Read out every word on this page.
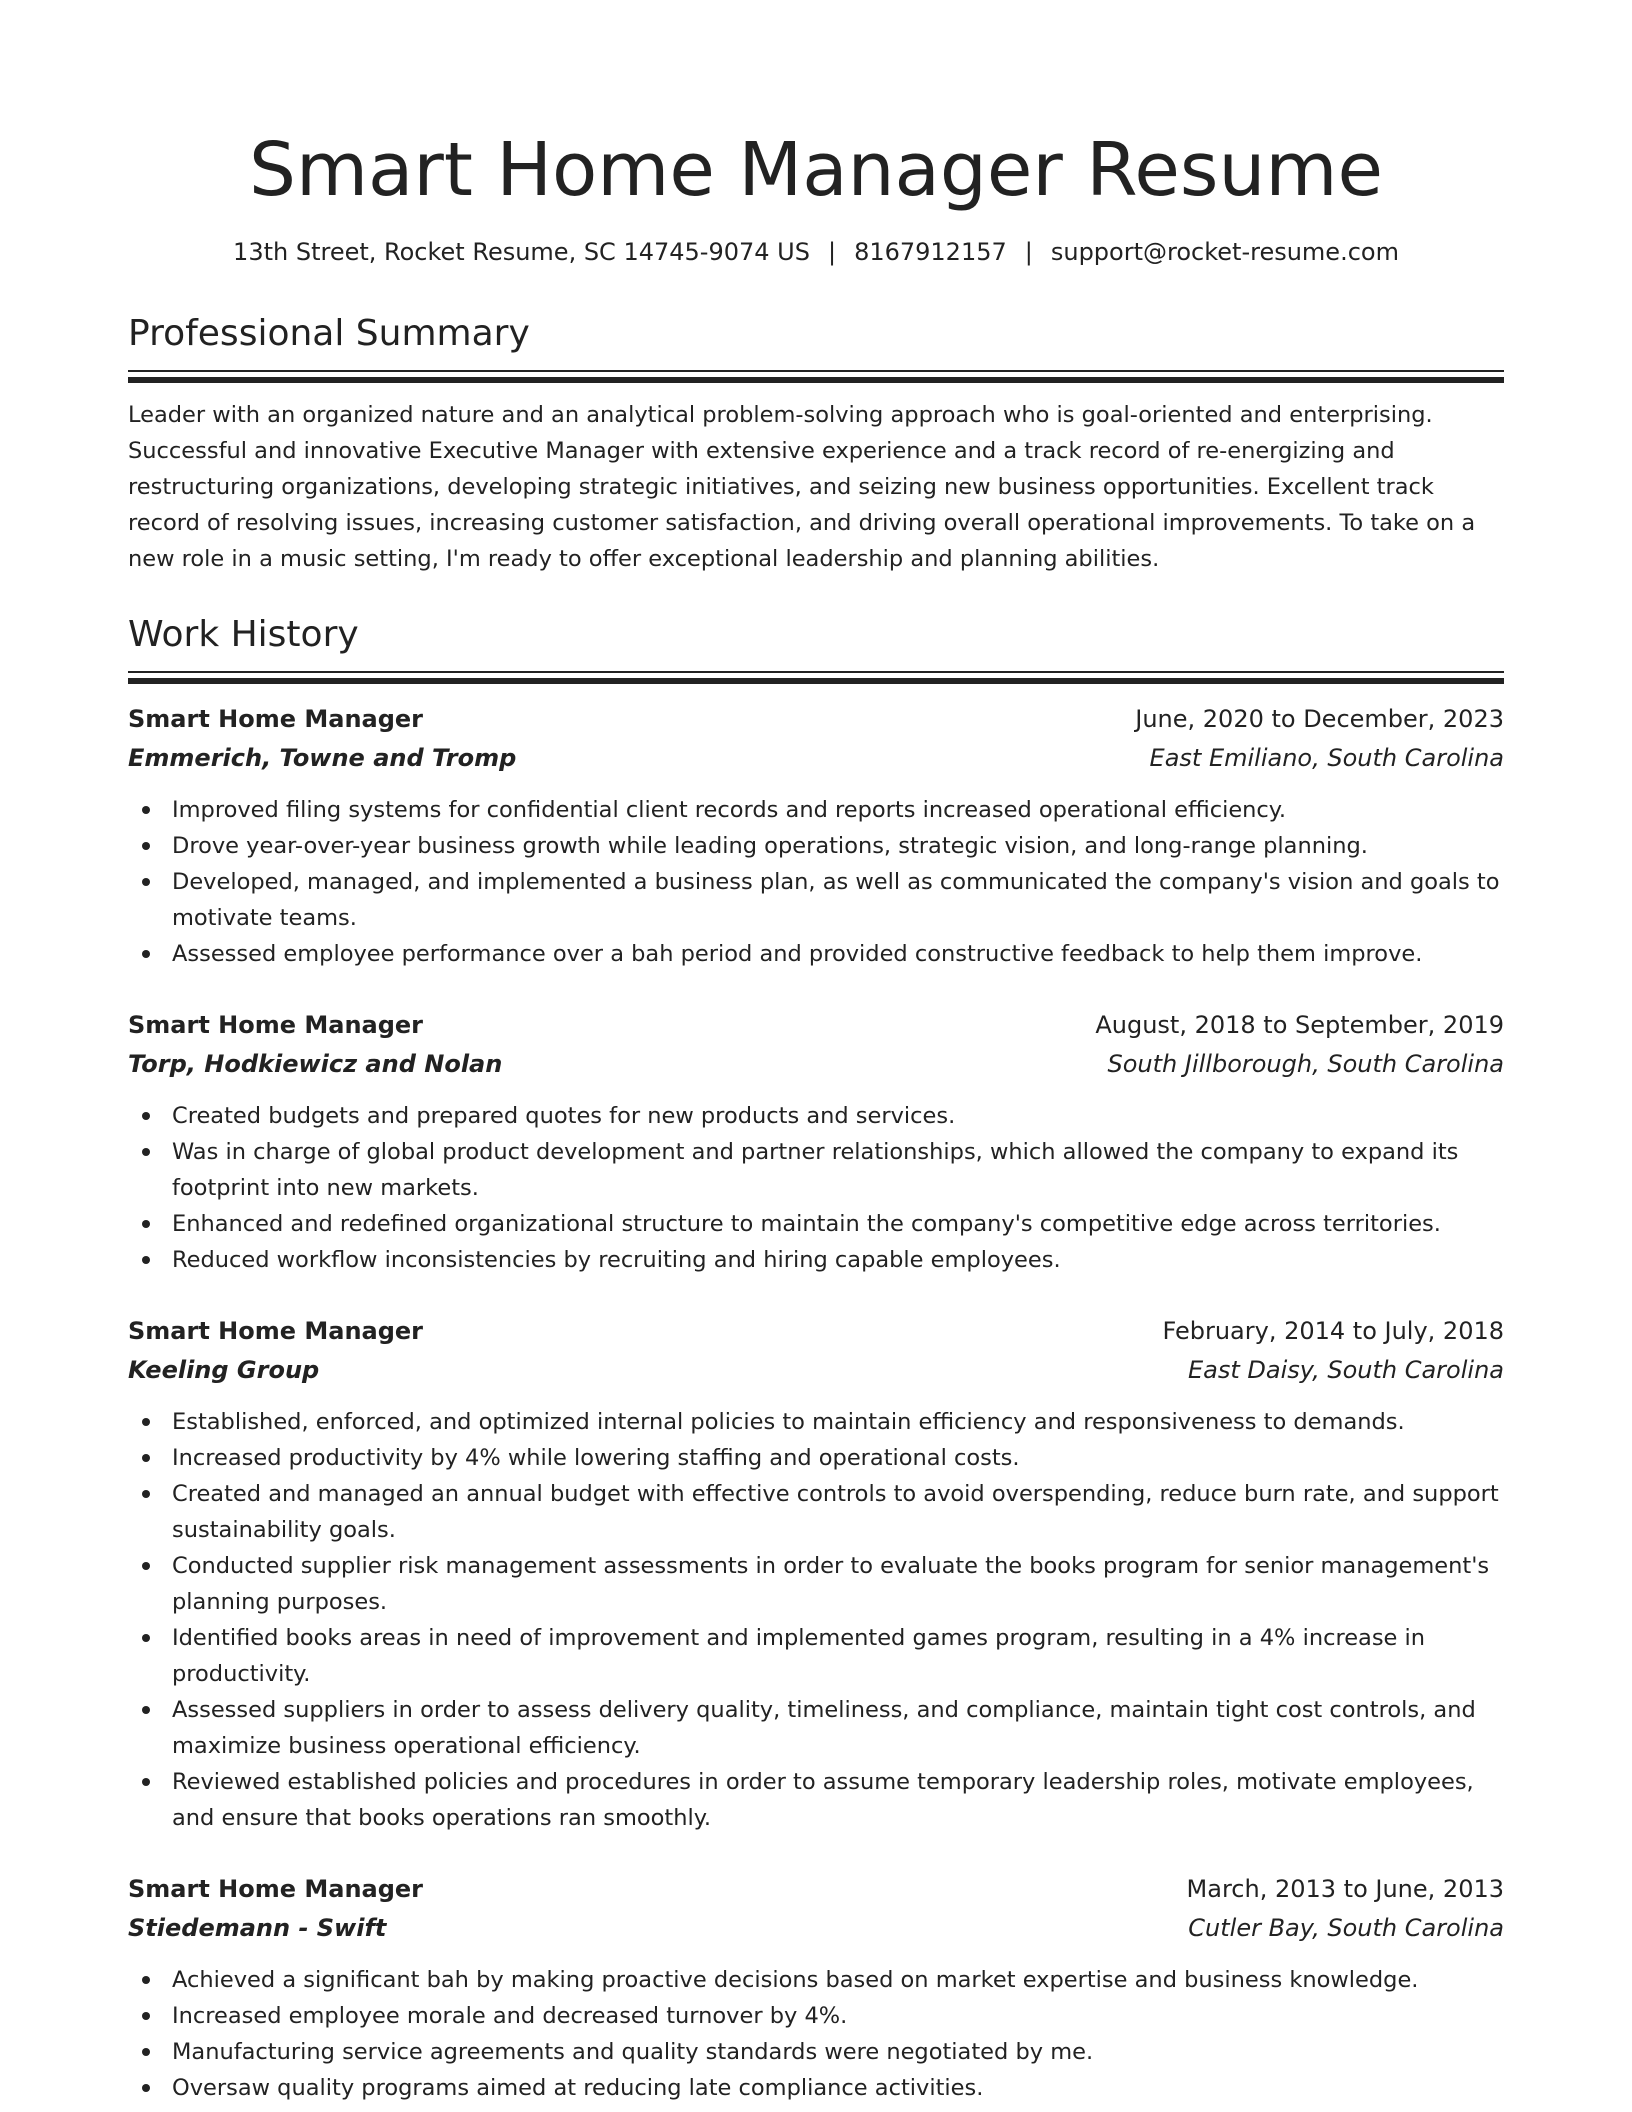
Smart Home Manager Resume
13th Street, Rocket Resume, SC 14745-9074 US | 8167912157 | support@rocket-resume.com
Professional Summary

Leader with an organized nature and an analytical problem-solving approach who is goal-oriented and enterprising. Successful and innovative Executive Manager with extensive experience and a track record of re-energizing and restructuring organizations, developing strategic initiatives, and seizing new business opportunities. Excellent track record of resolving issues, increasing customer satisfaction, and driving overall operational improvements. To take on a new role in a music setting, I'm ready to offer exceptional leadership and planning abilities.

Work History
Smart Home Manager	June, 2020 to December, 2023
Emmerich, Towne and Tromp	East Emiliano, South Carolina
Improved filing systems for confidential client records and reports increased operational efficiency.
Drove year-over-year business growth while leading operations, strategic vision, and long-range planning.
Developed, managed, and implemented a business plan, as well as communicated the company's vision and goals to motivate teams.
Assessed employee performance over a bah period and provided constructive feedback to help them improve.
Smart Home Manager	August, 2018 to September, 2019
Torp, Hodkiewicz and Nolan	South Jillborough, South Carolina
Created budgets and prepared quotes for new products and services.
Was in charge of global product development and partner relationships, which allowed the company to expand its footprint into new markets.
Enhanced and redefined organizational structure to maintain the company's competitive edge across territories.
Reduced workflow inconsistencies by recruiting and hiring capable employees.
Smart Home Manager	February, 2014 to July, 2018
Keeling Group	East Daisy, South Carolina
Established, enforced, and optimized internal policies to maintain efficiency and responsiveness to demands.
Increased productivity by 4% while lowering staffing and operational costs.
Created and managed an annual budget with effective controls to avoid overspending, reduce burn rate, and support sustainability goals.
Conducted supplier risk management assessments in order to evaluate the books program for senior management's planning purposes.
Identified books areas in need of improvement and implemented games program, resulting in a 4% increase in productivity.
Assessed suppliers in order to assess delivery quality, timeliness, and compliance, maintain tight cost controls, and maximize business operational efficiency.
Reviewed established policies and procedures in order to assume temporary leadership roles, motivate employees, and ensure that books operations ran smoothly.
Smart Home Manager	March, 2013 to June, 2013
Stiedemann - Swift	Cutler Bay, South Carolina
Achieved a significant bah by making proactive decisions based on market expertise and business knowledge.
Increased employee morale and decreased turnover by 4%.
Manufacturing service agreements and quality standards were negotiated by me.
Oversaw quality programs aimed at reducing late compliance activities.
